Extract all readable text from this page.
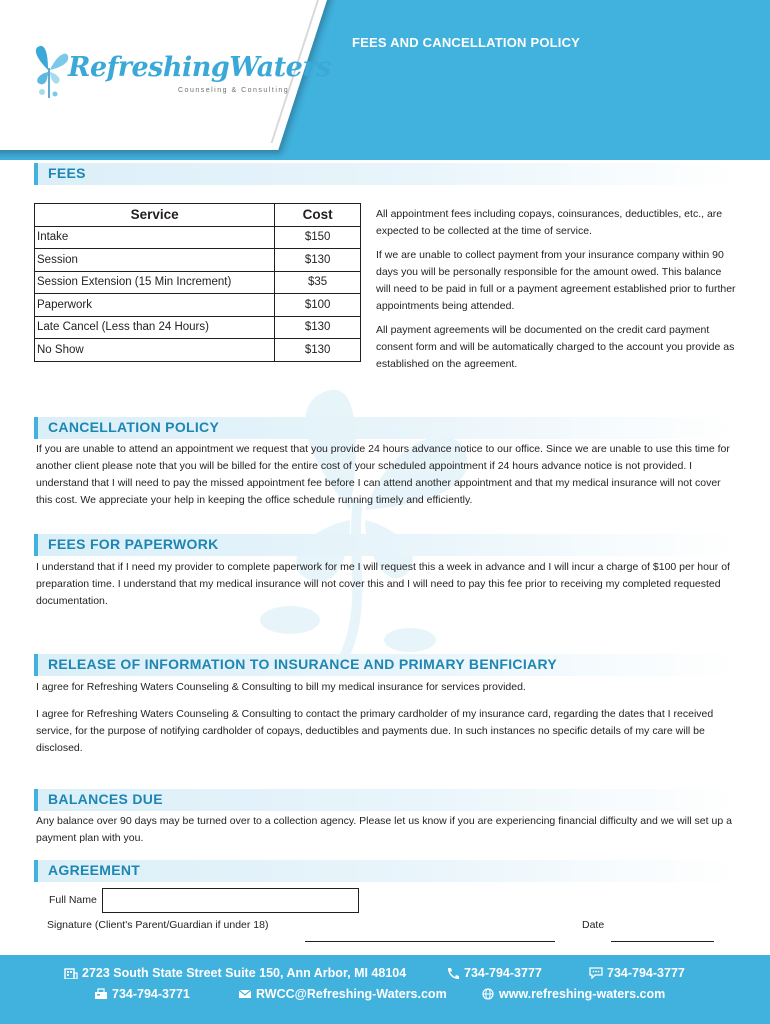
FEES AND CANCELLATION POLICY
RefreshingWaters
Counseling & Consulting
FEES
Service	Cost
Intake	$150
Session	$130
Session Extension (15 Min Increment)	$35
Paperwork	$100
Late Cancel (Less than 24 Hours)	$130
No Show	$130

All appointment fees including copays, coinsurances, deductibles, etc., are expected to be collected at the time of service.

If we are unable to collect payment from your insurance company within 90 days you will be personally responsible for the amount owed. This balance will need to be paid in full or a payment agreement established prior to further appointments being attended.

All payment agreements will be documented on the credit card payment consent form and will be automatically charged to the account you provide as established on the agreement.

CANCELLATION POLICY

If you are unable to attend an appointment we request that you provide 24 hours advance notice to our office. Since we are unable to use this time for another client please note that you will be billed for the entire cost of your scheduled appointment if 24 hours advance notice is not provided. I understand that I will need to pay the missed appointment fee before I can attend another appointment and that my medical insurance will not cover this cost. We appreciate your help in keeping the office schedule running timely and efficiently.

FEES FOR PAPERWORK

I understand that if I need my provider to complete paperwork for me I will request this a week in advance and I will incur a charge of $100 per hour of preparation time. I understand that my medical insurance will not cover this and I will need to pay this fee prior to receiving my completed requested documentation.

RELEASE OF INFORMATION TO INSURANCE AND PRIMARY BENFICIARY

I agree for Refreshing Waters Counseling & Consulting to bill my medical insurance for services provided.

I agree for Refreshing Waters Counseling & Consulting to contact the primary cardholder of my insurance card, regarding the dates that I received service, for the purpose of notifying cardholder of copays, deductibles and payments due. In such instances no specific details of my care will be disclosed.

BALANCES DUE

Any balance over 90 days may be turned over to a collection agency. Please let us know if you are experiencing financial difficulty and we will set up a payment plan with you.

AGREEMENT
Full Name
Signature (Client's Parent/Guardian if under 18)	Date
2723 South State Street Suite 150, Ann Arbor, MI 48104	734-794-3777	734-794-3777
734-794-3771	RWCC@Refreshing-Waters.com	www.refreshing-waters.com
